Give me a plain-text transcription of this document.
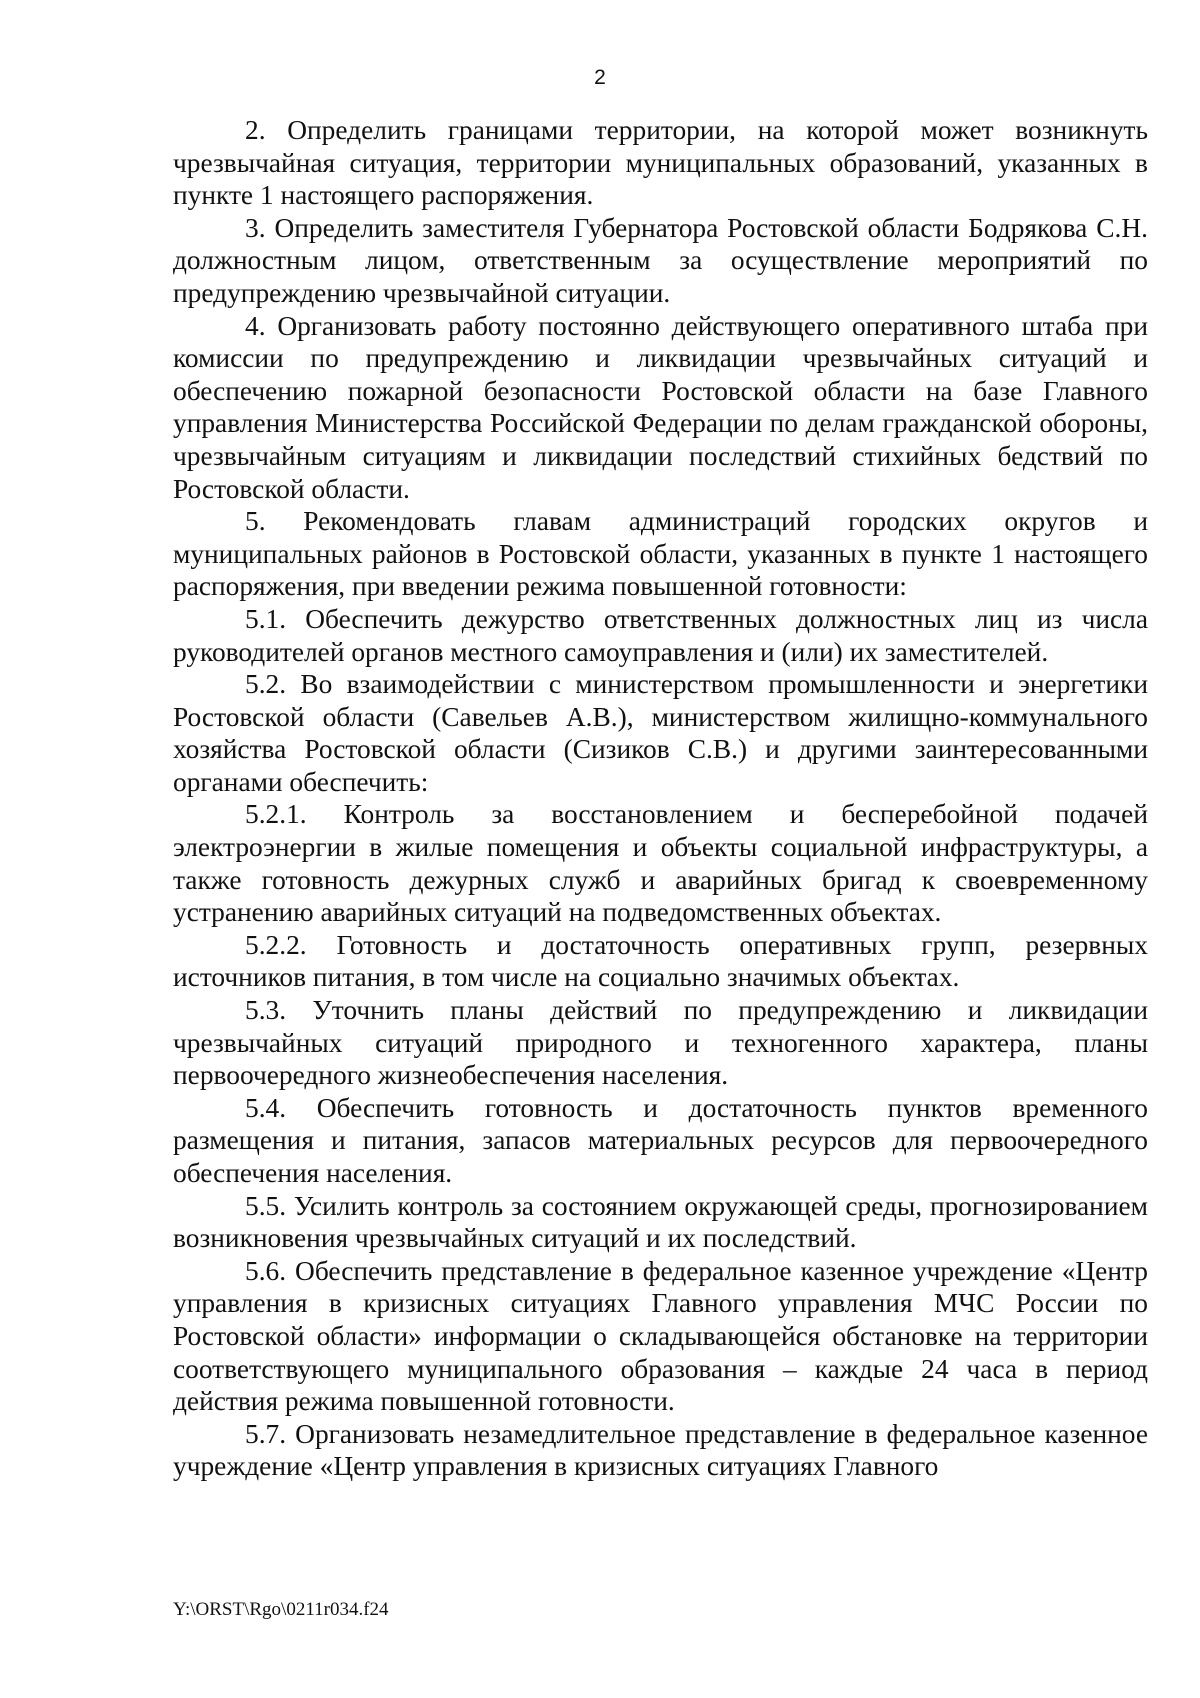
2

2. Определить границами территории, на которой может возникнуть чрезвычайная ситуация, территории муниципальных образований, указанных в пункте 1 настоящего распоряжения.

3. Определить заместителя Губернатора Ростовской области Бодрякова С.Н. должностным лицом, ответственным за осуществление мероприятий по предупреждению чрезвычайной ситуации.

4. Организовать работу постоянно действующего оперативного штаба при комиссии по предупреждению и ликвидации чрезвычайных ситуаций и обеспечению пожарной безопасности Ростовской области на базе Главного управления Министерства Российской Федерации по делам гражданской обороны, чрезвычайным ситуациям и ликвидации последствий стихийных бедствий по Ростовской области.

5. Рекомендовать главам администраций городских округов и муниципальных районов в Ростовской области, указанных в пункте 1 настоящего распоряжения, при введении режима повышенной готовности:

5.1. Обеспечить дежурство ответственных должностных лиц из числа руководителей органов местного самоуправления и (или) их заместителей.

5.2. Во взаимодействии с министерством промышленности и энергетики Ростовской области (Савельев А.В.), министерством жилищно-коммунального хозяйства Ростовской области (Сизиков С.В.) и другими заинтересованными органами обеспечить:

5.2.1. Контроль за восстановлением и бесперебойной подачей электроэнергии в жилые помещения и объекты социальной инфраструктуры, а также готовность дежурных служб и аварийных бригад к своевременному устранению аварийных ситуаций на подведомственных объектах.

5.2.2. Готовность и достаточность оперативных групп, резервных источников питания, в том числе на социально значимых объектах.

5.3. Уточнить планы действий по предупреждению и ликвидации чрезвычайных ситуаций природного и техногенного характера, планы первоочередного жизнеобеспечения населения.

5.4. Обеспечить готовность и достаточность пунктов временного размещения и питания, запасов материальных ресурсов для первоочередного обеспечения населения.

5.5. Усилить контроль за состоянием окружающей среды, прогнозированием возникновения чрезвычайных ситуаций и их последствий.

5.6. Обеспечить представление в федеральное казенное учреждение «Центр управления в кризисных ситуациях Главного управления МЧС России по Ростовской области» информации о складывающейся обстановке на территории соответствующего муниципального образования – каждые 24 часа в период действия режима повышенной готовности.

5.7. Организовать незамедлительное представление в федеральное казенное учреждение «Центр управления в кризисных ситуациях Главного

Y:\ORST\Rgo\0211r034.f24
